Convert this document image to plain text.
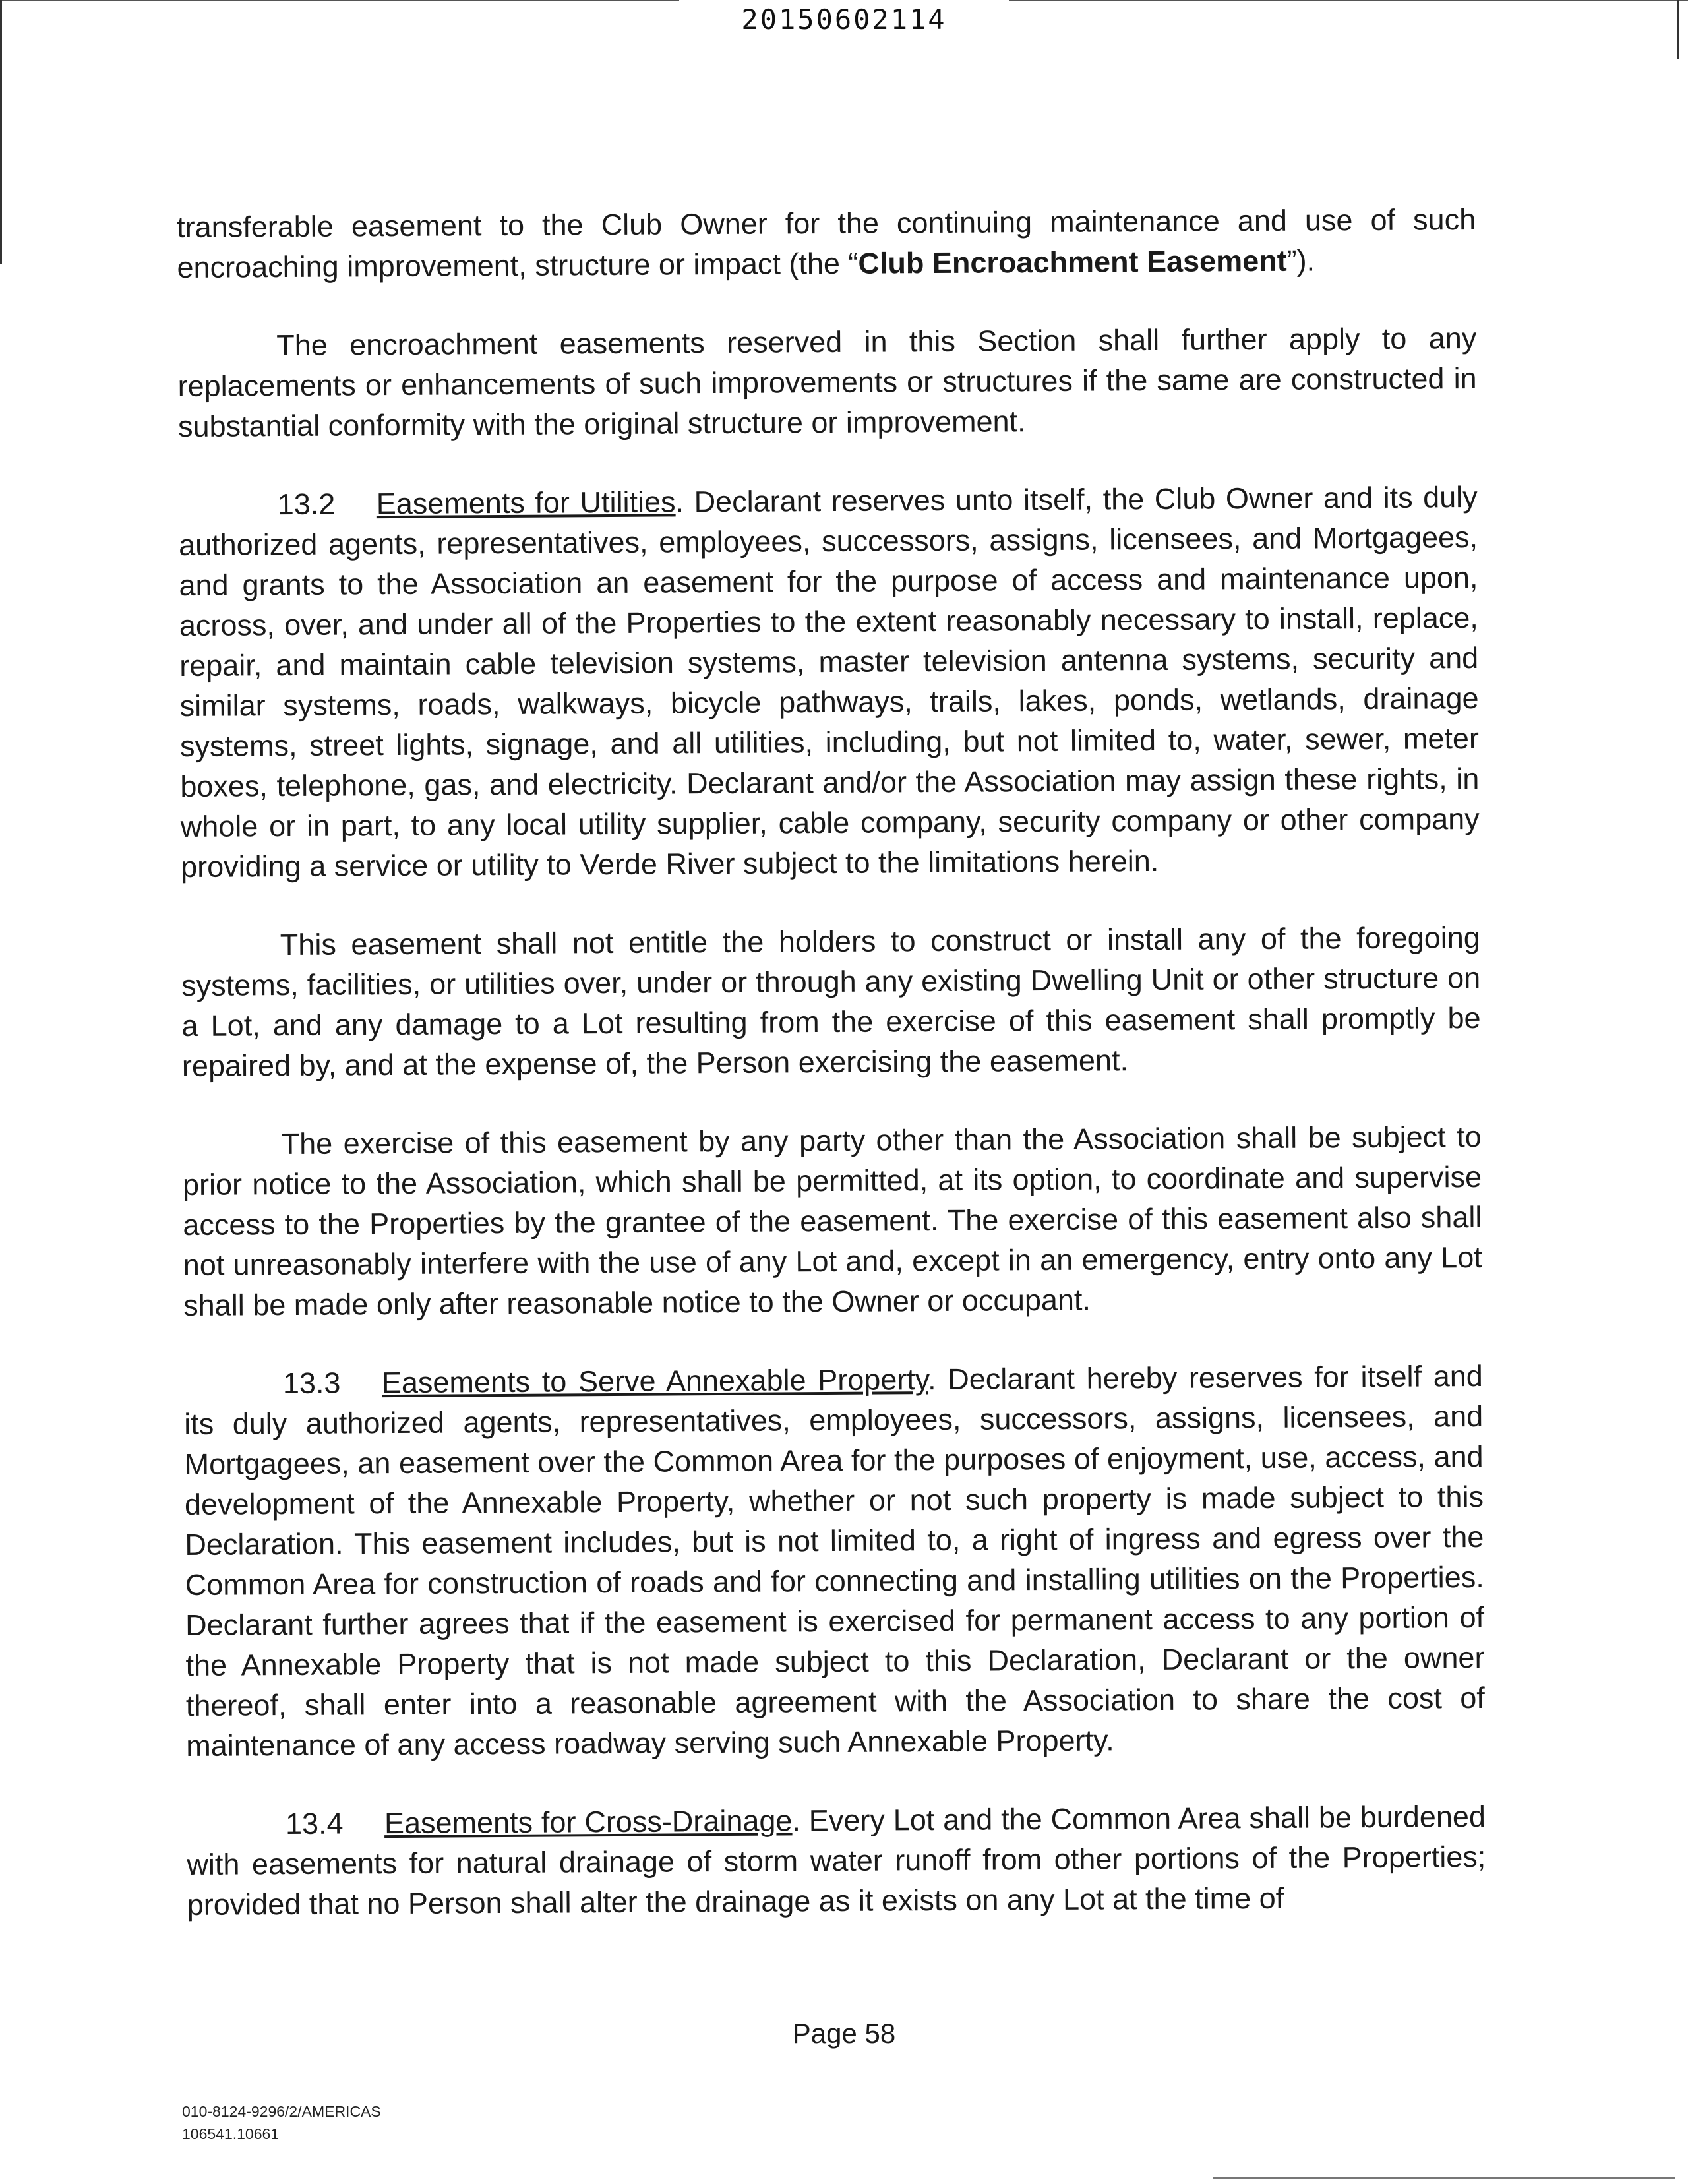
20150602114

transferable easement to the Club Owner for the continuing maintenance and use of such encroaching improvement, structure or impact (the “Club Encroachment Easement”).

The encroachment easements reserved in this Section shall further apply to any replacements or enhancements of such improvements or structures if the same are constructed in substantial conformity with the original structure or improvement.

13.2 Easements for Utilities. Declarant reserves unto itself, the Club Owner and its duly authorized agents, representatives, employees, successors, assigns, licensees, and Mortgagees, and grants to the Association an easement for the purpose of access and maintenance upon, across, over, and under all of the Properties to the extent reasonably necessary to install, replace, repair, and maintain cable television systems, master television antenna systems, security and similar systems, roads, walkways, bicycle pathways, trails, lakes, ponds, wetlands, drainage systems, street lights, signage, and all utilities, including, but not limited to, water, sewer, meter boxes, telephone, gas, and electricity. Declarant and/or the Association may assign these rights, in whole or in part, to any local utility supplier, cable company, security company or other company providing a service or utility to Verde River subject to the limitations herein.

This easement shall not entitle the holders to construct or install any of the foregoing systems, facilities, or utilities over, under or through any existing Dwelling Unit or other structure on a Lot, and any damage to a Lot resulting from the exercise of this easement shall promptly be repaired by, and at the expense of, the Person exercising the easement.

The exercise of this easement by any party other than the Association shall be subject to prior notice to the Association, which shall be permitted, at its option, to coordinate and supervise access to the Properties by the grantee of the easement. The exercise of this easement also shall not unreasonably interfere with the use of any Lot and, except in an emergency, entry onto any Lot shall be made only after reasonable notice to the Owner or occupant.

13.3 Easements to Serve Annexable Property. Declarant hereby reserves for itself and its duly authorized agents, representatives, employees, successors, assigns, licensees, and Mortgagees, an easement over the Common Area for the purposes of enjoyment, use, access, and development of the Annexable Property, whether or not such property is made subject to this Declaration. This easement includes, but is not limited to, a right of ingress and egress over the Common Area for construction of roads and for connecting and installing utilities on the Properties. Declarant further agrees that if the easement is exercised for permanent access to any portion of the Annexable Property that is not made subject to this Declaration, Declarant or the owner thereof, shall enter into a reasonable agreement with the Association to share the cost of maintenance of any access roadway serving such Annexable Property.

13.4 Easements for Cross-Drainage. Every Lot and the Common Area shall be burdened with easements for natural drainage of storm water runoff from other portions of the Properties; provided that no Person shall alter the drainage as it exists on any Lot at the time of

Page 58
010-8124-9296/2/AMERICAS
106541.10661
